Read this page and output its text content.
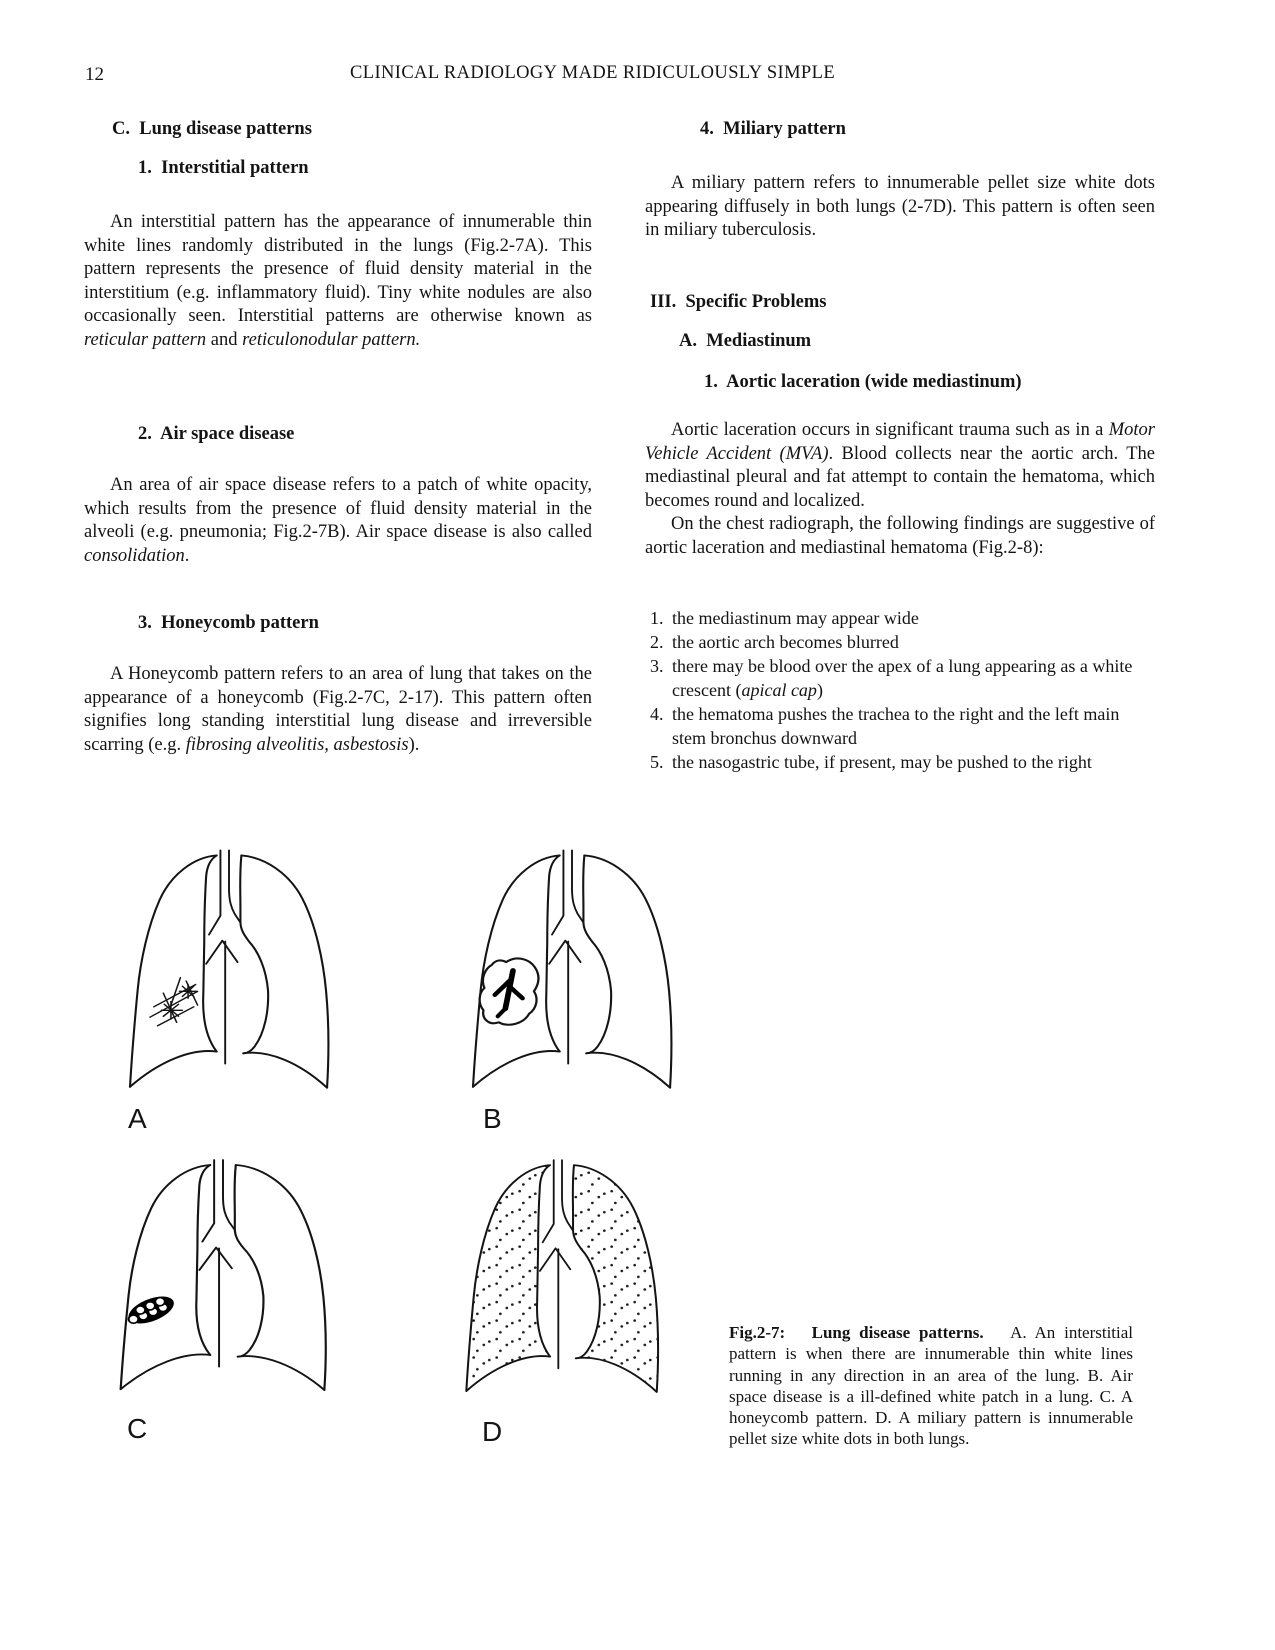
12	CLINICAL RADIOLOGY MADE RIDICULOUSLY SIMPLE
C.  Lung disease patterns
1.  Interstitial pattern

An interstitial pattern has the appearance of innumerable thin white lines randomly distributed in the lungs (Fig.2-7A). This pattern represents the presence of fluid density material in the interstitium (e.g. inflammatory fluid). Tiny white nodules are also occasionally seen. Interstitial patterns are otherwise known as reticular pattern and reticulonodular pattern.

2.  Air space disease

An area of air space disease refers to a patch of white opacity, which results from the presence of fluid density material in the alveoli (e.g. pneumonia; Fig.2-7B). Air space disease is also called consolidation.

3.  Honeycomb pattern

A Honeycomb pattern refers to an area of lung that takes on the appearance of a honeycomb (Fig.2-7C, 2-17). This pattern often signifies long standing interstitial lung disease and irreversible scarring (e.g. fibrosing alveolitis, asbestosis).

4.  Miliary pattern

A miliary pattern refers to innumerable pellet size white dots appearing diffusely in both lungs (2-7D). This pattern is often seen in miliary tuberculosis.

III.  Specific Problems
A.  Mediastinum
1.  Aortic laceration (wide mediastinum)

Aortic laceration occurs in significant trauma such as in a Motor Vehicle Accident (MVA). Blood collects near the aortic arch. The mediastinal pleural and fat attempt to contain the hematoma, which becomes round and localized.

On the chest radiograph, the following findings are suggestive of aortic laceration and mediastinal hematoma (Fig.2-8):

1. the mediastinum may appear wide
2. the aortic arch becomes blurred
3. there may be blood over the apex of a lung appearing as a white crescent (apical cap)
4. the hematoma pushes the trachea to the right and the left main stem bronchus downward
5. the nasogastric tube, if present, may be pushed to the right
A	B
C	D
Fig.2-7: Lung disease patterns.   A. An interstitial pattern is when there are innumerable thin white lines running in any direction in an area of the lung. B. Air space disease is a ill-defined white patch in a lung. C. A honeycomb pattern. D. A miliary pattern is innumerable pellet size white dots in both lungs.
